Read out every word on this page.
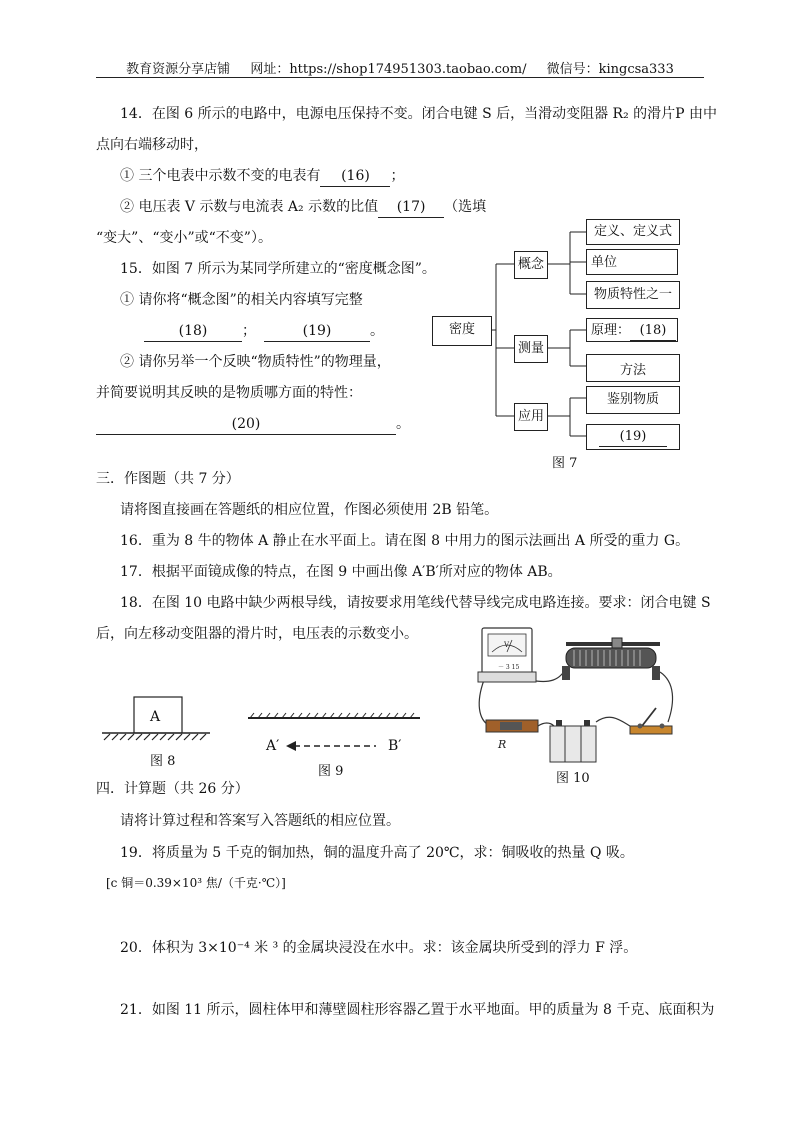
教育资源分享店铺 网址：https://shop174951303.taobao.com/ 微信号：kingcsa333
14．在图 6 所示的电路中，电源电压保持不变。闭合电键 S 后，当滑动变阻器 R₂ 的滑片P 由中
点向右端移动时，
① 三个电表中示数不变的电表有 (16) ；
② 电压表 V 示数与电流表 A₂ 示数的比值 (17) （选填
“变大”、“变小”或“不变”）。
15．如图 7 所示为某同学所建立的“密度概念图”。
① 请你将“概念图”的相关内容填写完整
(18) ；	(19)	。
② 请你另举一个反映“物质特性”的物理量，
并简要说明其反映的是物质哪方面的特性：
(20)	。
密度
概念
测量
应用
定义、定义式
单位
物质特性之一
原理： (18)
方法
鉴别物质
(19)
图 7
三．作图题（共 7 分）
请将图直接画在答题纸的相应位置，作图必须使用 2B 铅笔。
16．重为 8 牛的物体 A 静止在水平面上。请在图 8 中用力的图示法画出 A 所受的重力 G。
17．根据平面镜成像的特点，在图 9 中画出像 A′B′所对应的物体 AB。
18．在图 10 电路中缺少两根导线，请按要求用笔线代替导线完成电路连接。要求：闭合电键 S
后，向左移动变阻器的滑片时，电压表的示数变小。
A
图 8
A′	B′
图 9
V
－ 3 15
R
图 10
四．计算题（共 26 分）
请将计算过程和答案写入答题纸的相应位置。
19．将质量为 5 千克的铜加热，铜的温度升高了 20℃，求：铜吸收的热量 Q 吸。
[c 铜＝0.39×10³ 焦/（千克·℃）]
20．体积为 3×10⁻⁴ 米 ³ 的金属块浸没在水中。求：该金属块所受到的浮力 F 浮。
21．如图 11 所示，圆柱体甲和薄壁圆柱形容器乙置于水平地面。甲的质量为 8 千克、底面积为
